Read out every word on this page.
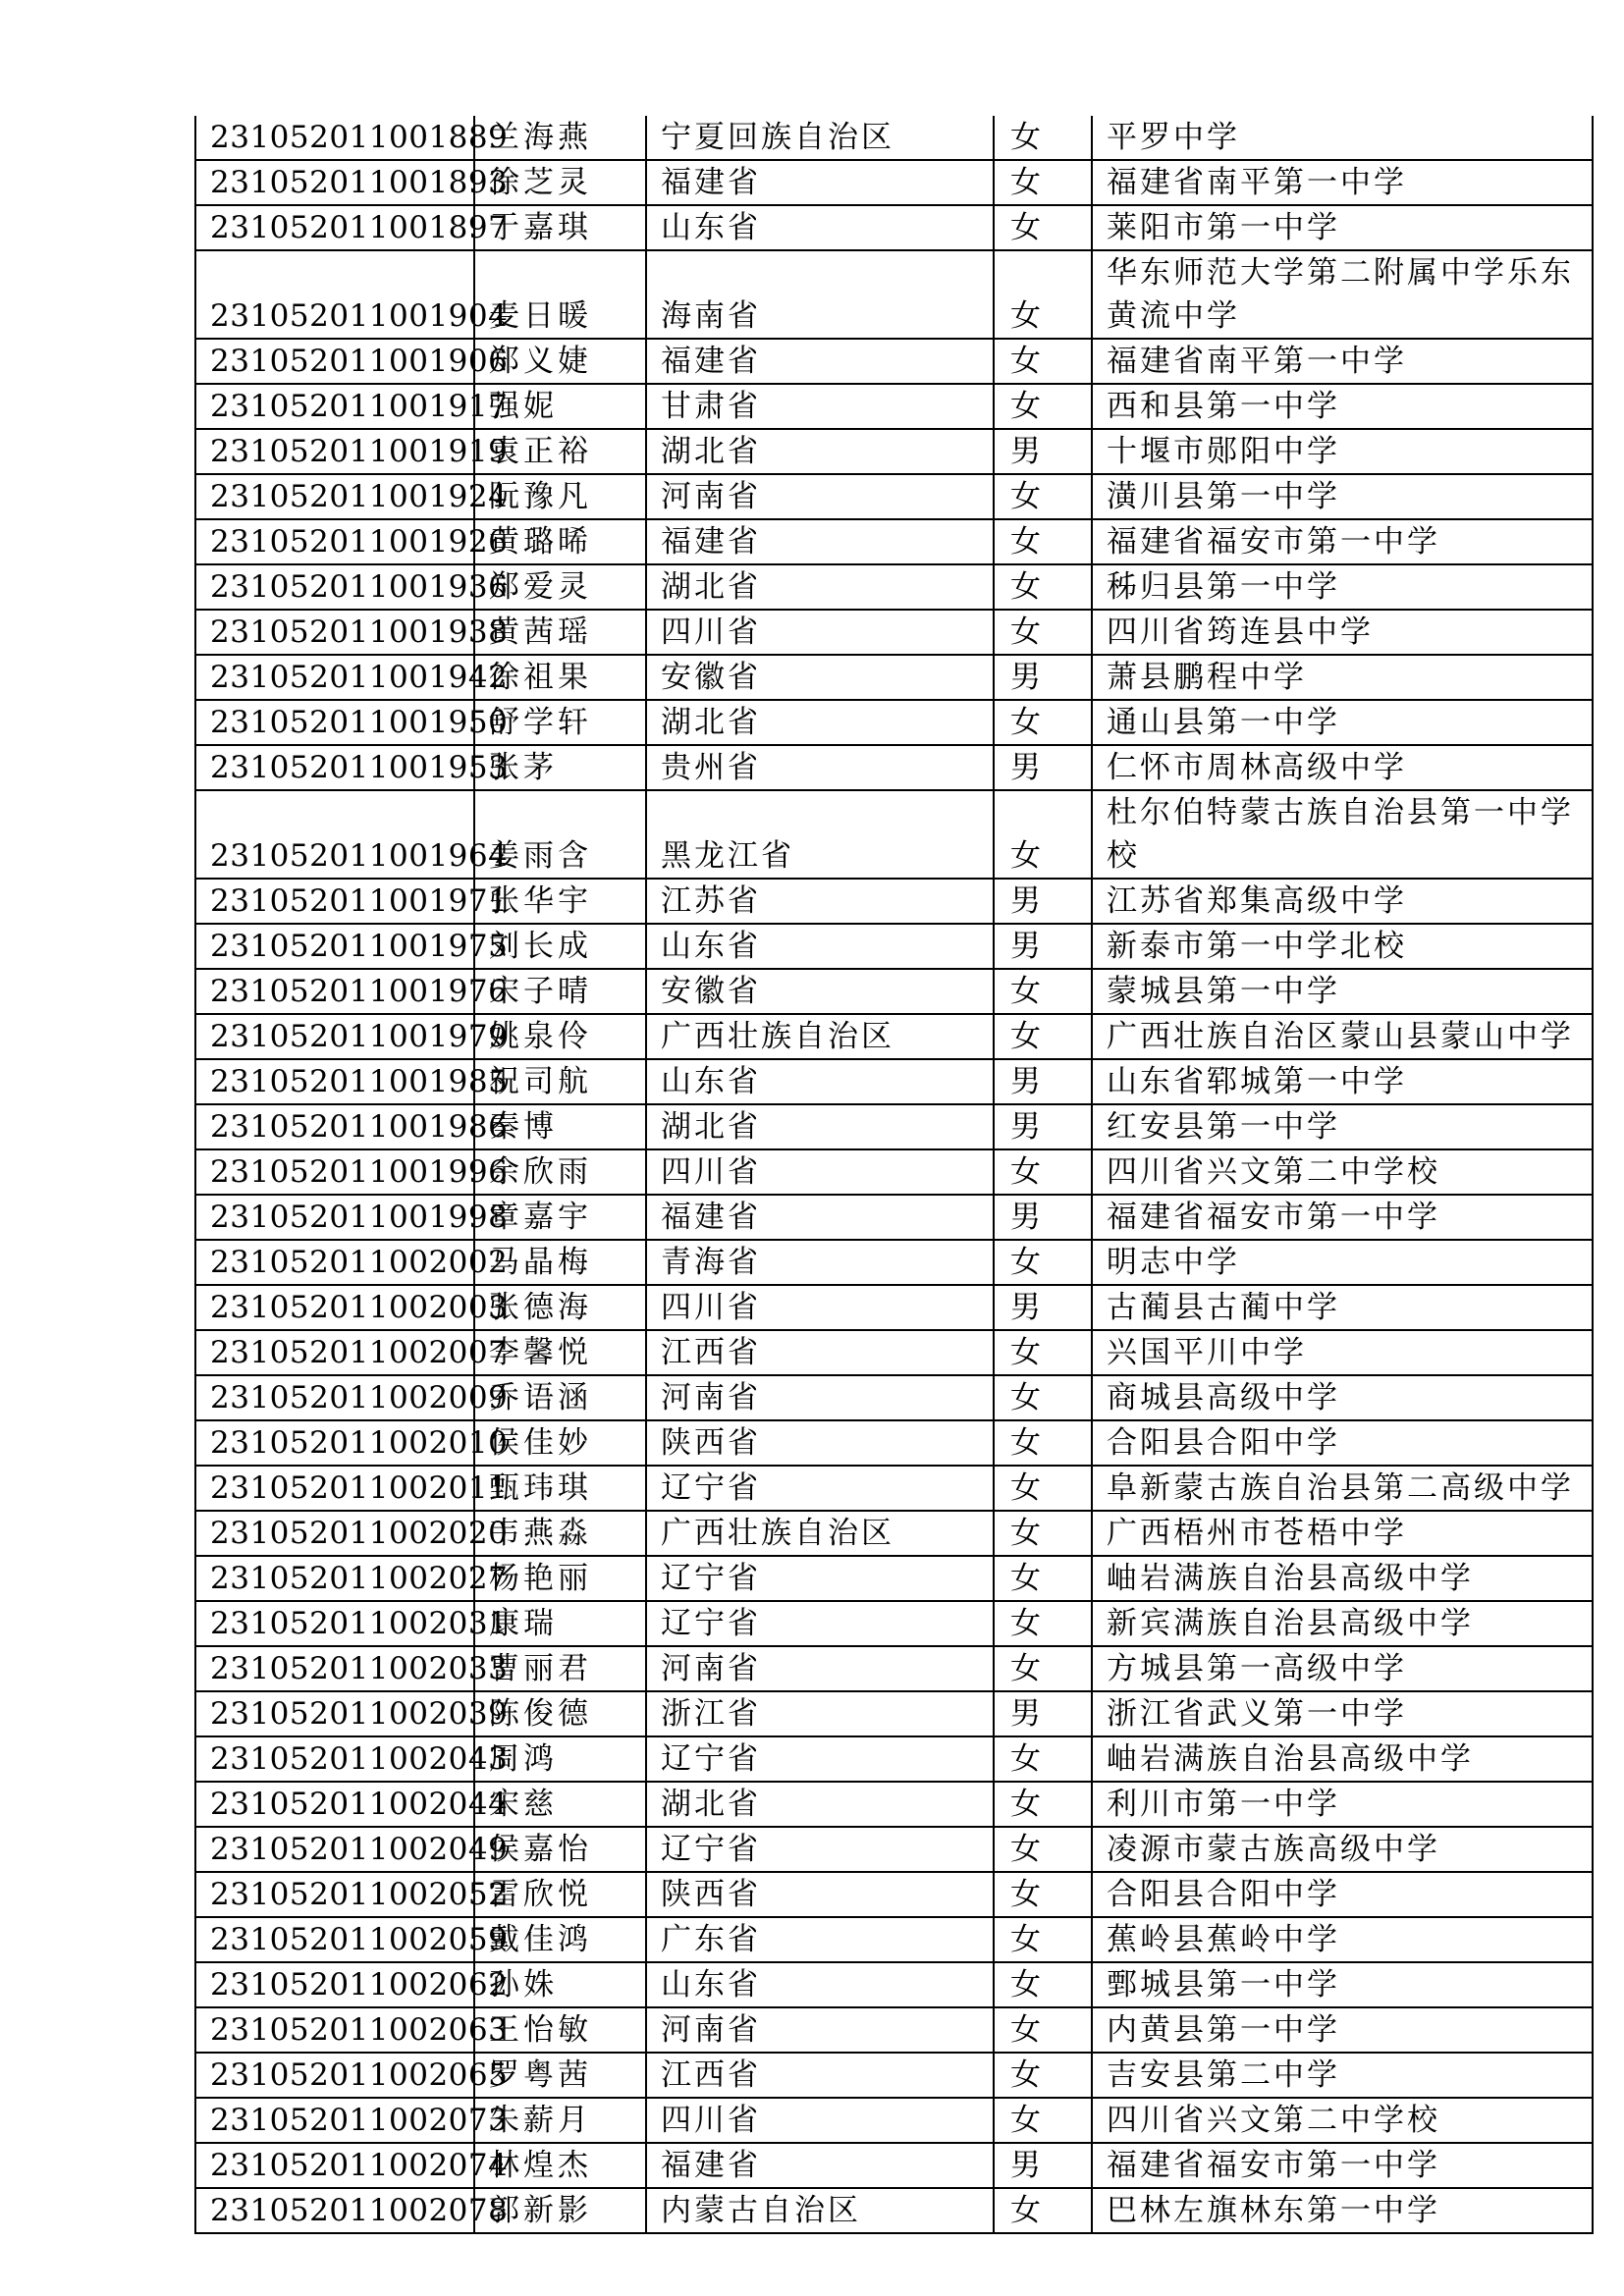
231052011001889	兰海燕	宁夏回族自治区	女	平罗中学
231052011001893	徐芝灵	福建省	女	福建省南平第一中学
231052011001897	于嘉琪	山东省	女	莱阳市第一中学
231052011001904	麦日暖	海南省	女	华东师范大学第二附属中学乐东
黄流中学
231052011001906	郑义婕	福建省	女	福建省南平第一中学
231052011001917	强妮	甘肃省	女	西和县第一中学
231052011001919	袁正裕	湖北省	男	十堰市郧阳中学
231052011001924	阮豫凡	河南省	女	潢川县第一中学
231052011001926	黄璐晞	福建省	女	福建省福安市第一中学
231052011001936	郑爱灵	湖北省	女	秭归县第一中学
231052011001938	黄茜瑶	四川省	女	四川省筠连县中学
231052011001942	徐祖果	安徽省	男	萧县鹏程中学
231052011001950	舒学轩	湖北省	女	通山县第一中学
231052011001953	张茅	贵州省	男	仁怀市周林高级中学
231052011001964	姜雨含	黑龙江省	女	杜尔伯特蒙古族自治县第一中学
校
231052011001971	张华宇	江苏省	男	江苏省郑集高级中学
231052011001975	刘长成	山东省	男	新泰市第一中学北校
231052011001976	宋子晴	安徽省	女	蒙城县第一中学
231052011001979	姚泉伶	广西壮族自治区	女	广西壮族自治区蒙山县蒙山中学
231052011001985	祝司航	山东省	男	山东省郓城第一中学
231052011001986	秦博	湖北省	男	红安县第一中学
231052011001996	余欣雨	四川省	女	四川省兴文第二中学校
231052011001998	章嘉宇	福建省	男	福建省福安市第一中学
231052011002002	马晶梅	青海省	女	明志中学
231052011002003	张德海	四川省	男	古蔺县古蔺中学
231052011002007	李馨悦	江西省	女	兴国平川中学
231052011002009	乔语涵	河南省	女	商城县高级中学
231052011002010	侯佳妙	陕西省	女	合阳县合阳中学
231052011002011	甄玮琪	辽宁省	女	阜新蒙古族自治县第二高级中学
231052011002020	韦燕淼	广西壮族自治区	女	广西梧州市苍梧中学
231052011002027	杨艳丽	辽宁省	女	岫岩满族自治县高级中学
231052011002031	康瑞	辽宁省	女	新宾满族自治县高级中学
231052011002033	曹丽君	河南省	女	方城县第一高级中学
231052011002039	陈俊德	浙江省	男	浙江省武义第一中学
231052011002043	周鸿	辽宁省	女	岫岩满族自治县高级中学
231052011002044	宋慈	湖北省	女	利川市第一中学
231052011002049	侯嘉怡	辽宁省	女	凌源市蒙古族高级中学
231052011002052	雷欣悦	陕西省	女	合阳县合阳中学
231052011002059	戴佳鸿	广东省	女	蕉岭县蕉岭中学
231052011002062	孙姝	山东省	女	鄄城县第一中学
231052011002063	王怡敏	河南省	女	内黄县第一中学
231052011002065	罗粤茜	江西省	女	吉安县第二中学
231052011002073	朱薪月	四川省	女	四川省兴文第二中学校
231052011002074	林煌杰	福建省	男	福建省福安市第一中学
231052011002078	郭新影	内蒙古自治区	女	巴林左旗林东第一中学
